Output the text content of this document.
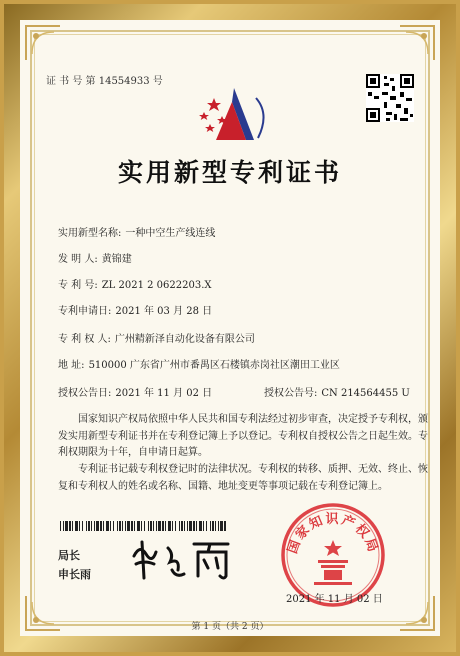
证 书 号 第 14554933 号
实用新型专利证书
实用新型名称: 一种中空生产线连线
发 明 人: 黄锦建
专 利 号: ZL 2021 2 0622203.X
专利申请日: 2021 年 03 月 28 日
专 利 权 人: 广州精新泽自动化设备有限公司
地 址: 510000 广东省广州市番禺区石楼镇赤岗社区潮田工业区
授权公告日: 2021 年 11 月 02 日	授权公告号: CN 214564455 U
国家知识产权局依照中华人民共和国专利法经过初步审查，决定授予专利权，颁发实用新型专利证书并在专利登记簿上予以登记。专利权自授权公告之日起生效。专利权期限为十年，自申请日起算。
专利证书记载专利权登记时的法律状况。专利权的转移、质押、无效、终止、恢复和专利权人的姓名或名称、国籍、地址变更等事项记载在专利登记簿上。
局长
申长雨
国家知识产权局
2021 年 11 月 02 日
第 1 页（共 2 页）
